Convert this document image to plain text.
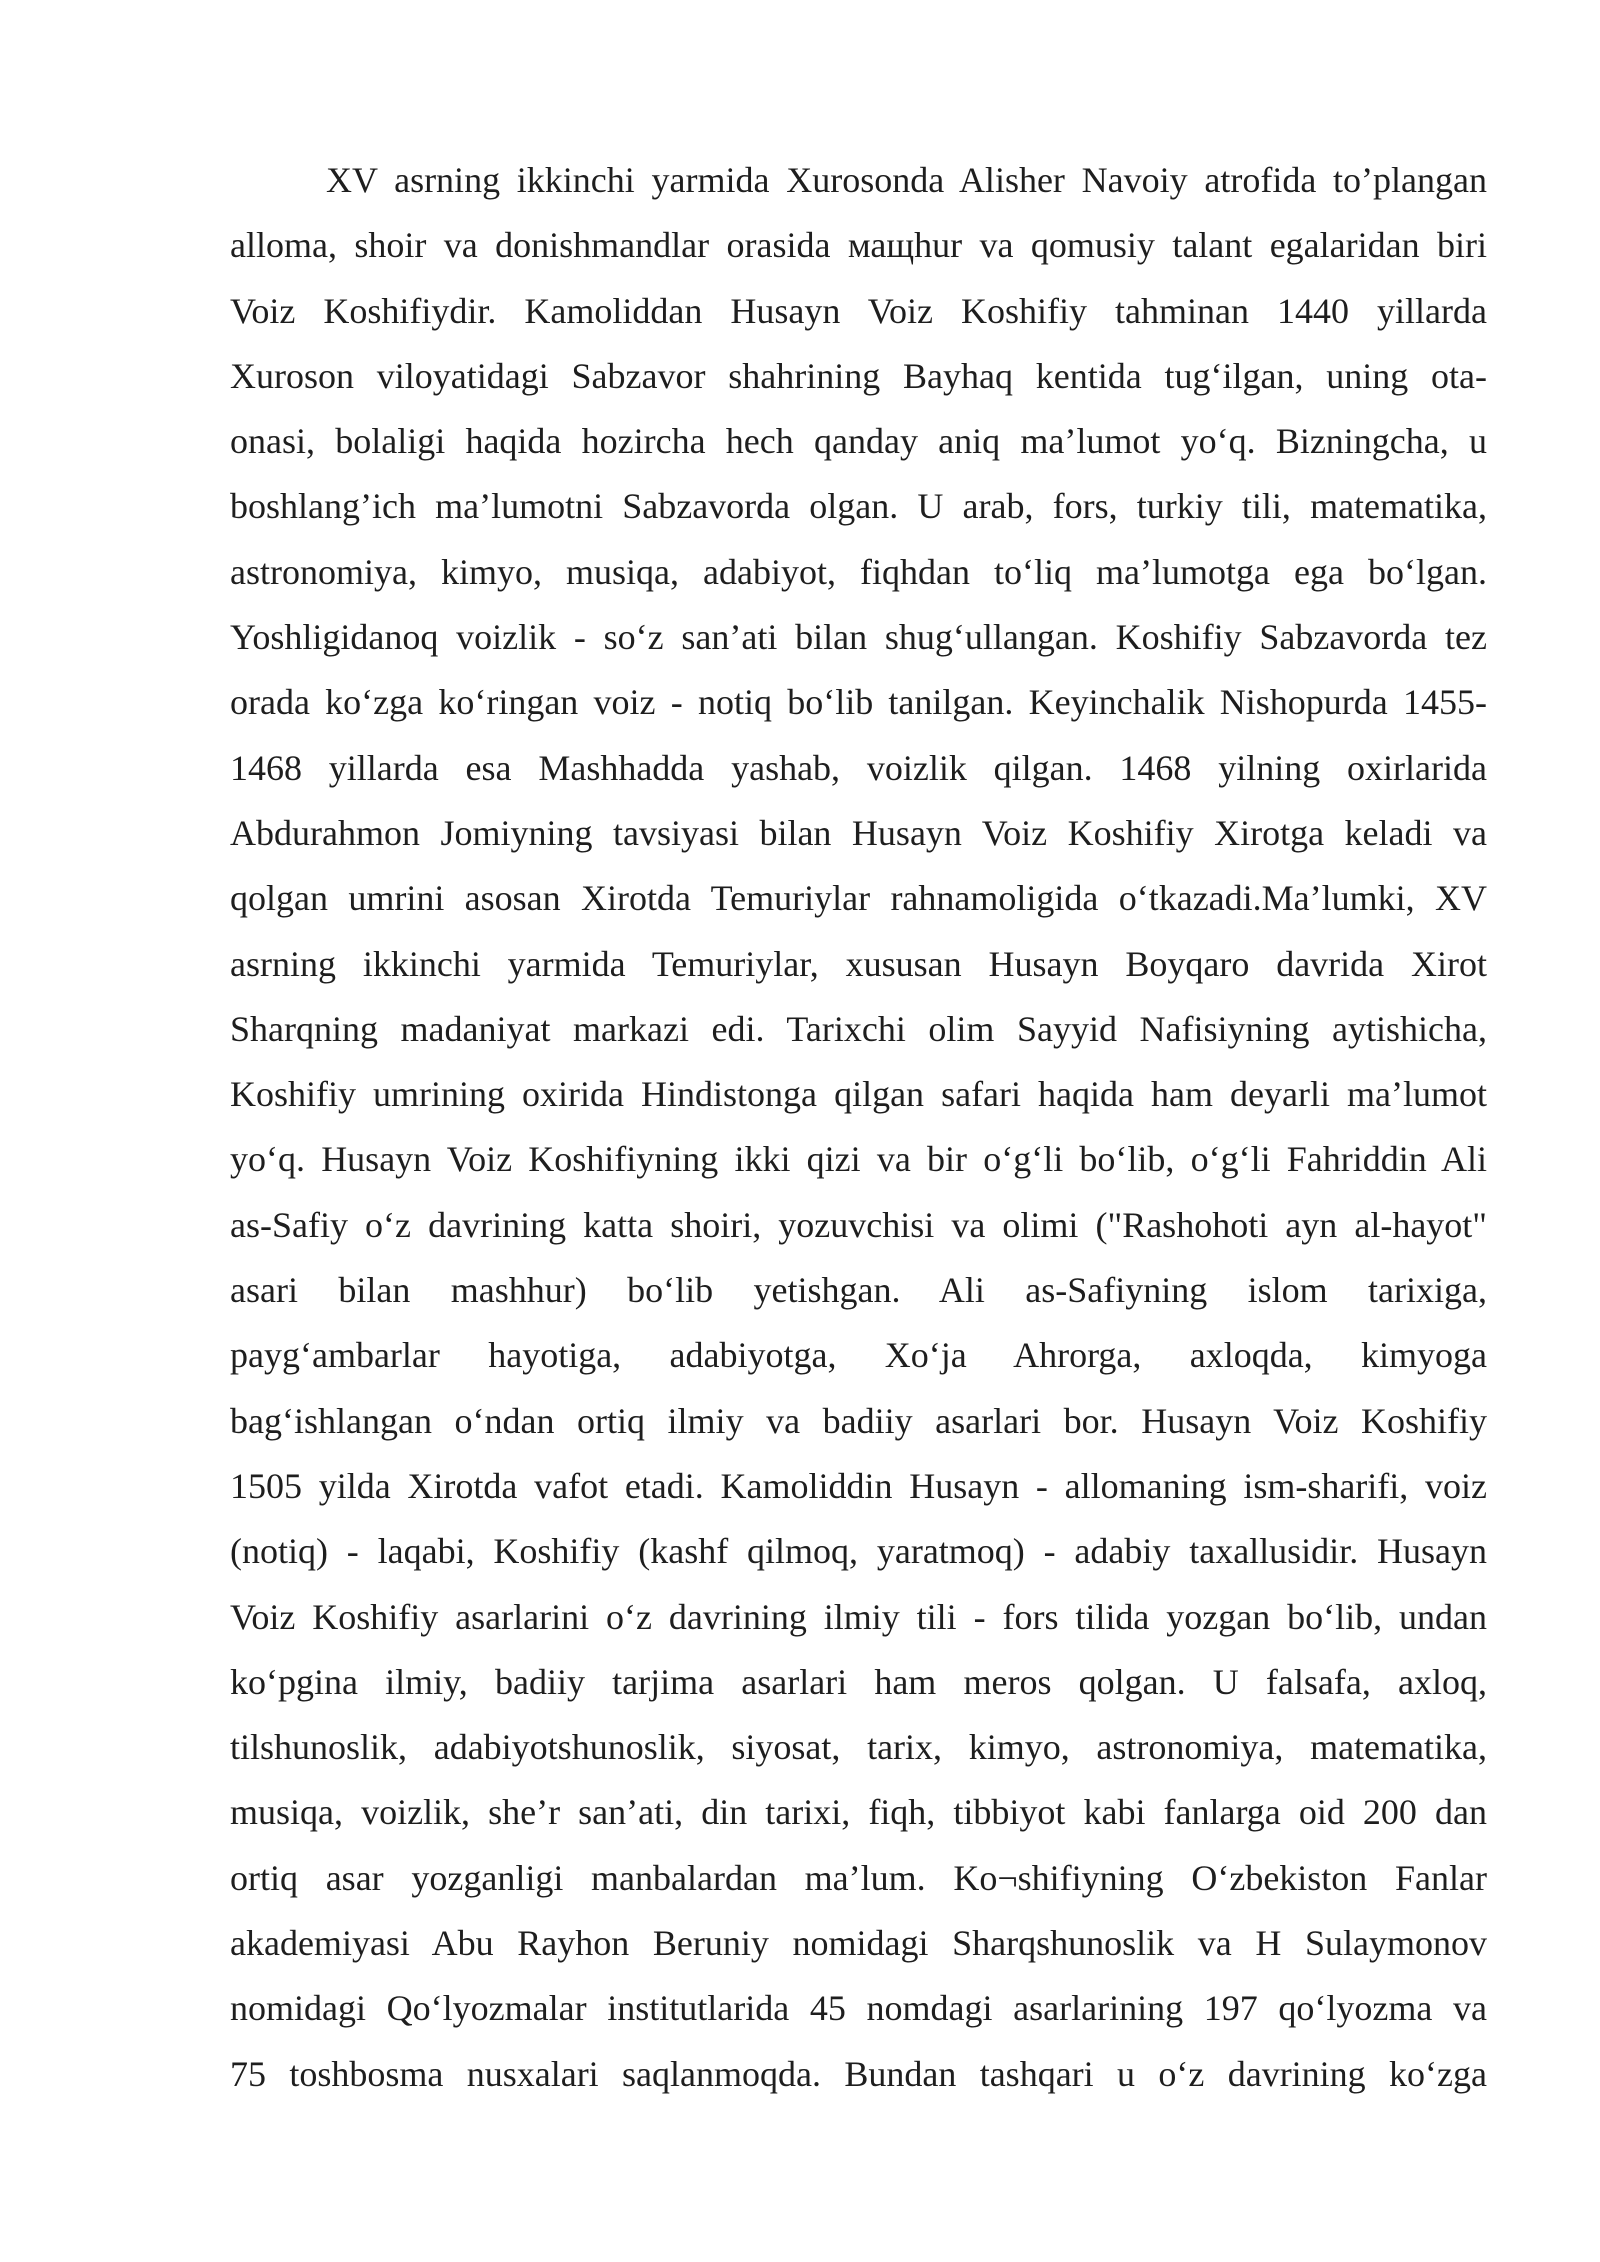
XV asrning ikkinchi yarmida Xurosonda Alisher Navoiy atrofida to’plangan
alloma, shoir va donishmandlar orasida мащhur va qomusiy talant egalaridan biri
Voiz Koshifiydir. Kamoliddan Husayn Voiz Koshifiy tahminan 1440 yillarda
Xuroson viloyatidagi Sabzavor shahrining Bayhaq kentida tugʻilgan, uning ota-
onasi, bolaligi haqida hozircha hech qanday aniq ma’lumot yoʻq. Bizningcha, u
boshlang’ich ma’lumotni Sabzavorda olgan. U arab, fors, turkiy tili, matematika,
astronomiya, kimyo, musiqa, adabiyot, fiqhdan toʻliq ma’lumotga ega boʻlgan.
Yoshligidanoq voizlik - soʻz san’ati bilan shugʻullangan. Koshifiy Sabzavorda tez
orada koʻzga koʻringan voiz - notiq boʻlib tanilgan. Keyinchalik Nishopurda 1455-
1468 yillarda esa Mashhadda yashab, voizlik qilgan. 1468 yilning oxirlarida
Abdurahmon Jomiyning tavsiyasi bilan Husayn Voiz Koshifiy Xirotga keladi va
qolgan umrini asosan Xirotda Temuriylar rahnamoligida oʻtkazadi.Ma’lumki, XV
asrning ikkinchi yarmida Temuriylar, xususan Husayn Boyqaro davrida Xirot
Sharqning madaniyat markazi edi. Tarixchi olim Sayyid Nafisiyning aytishicha,
Koshifiy umrining oxirida Hindistonga qilgan safari haqida ham deyarli ma’lumot
yoʻq. Husayn Voiz Koshifiyning ikki qizi va bir oʻgʻli boʻlib, oʻgʻli Fahriddin Ali
as-Safiy oʻz davrining katta shoiri, yozuvchisi va olimi ("Rashohoti ayn al-hayot"
asari bilan mashhur) boʻlib yetishgan. Ali as-Safiyning islom tarixiga,
paygʻambarlar hayotiga, adabiyotga, Xoʻja Ahrorga, axloqda, kimyoga
bagʻishlangan oʻndan ortiq ilmiy va badiiy asarlari bor. Husayn Voiz Koshifiy
1505 yilda Xirotda vafot etadi. Kamoliddin Husayn - allomaning ism-sharifi, voiz
(notiq) - laqabi, Koshifiy (kashf qilmoq, yaratmoq) - adabiy taxallusidir. Husayn
Voiz Koshifiy asarlarini oʻz davrining ilmiy tili - fors tilida yozgan boʻlib, undan
koʻpgina ilmiy, badiiy tarjima asarlari ham meros qolgan. U falsafa, axloq,
tilshunoslik, adabiyotshunoslik, siyosat, tarix, kimyo, astronomiya, matematika,
musiqa, voizlik, she’r san’ati, din tarixi, fiqh, tibbiyot kabi fanlarga oid 200 dan
ortiq asar yozganligi manbalardan ma’lum. Ko¬shifiyning Oʻzbekiston Fanlar
akademiyasi Abu Rayhon Beruniy nomidagi Sharqshunoslik va H Sulaymonov
nomidagi Qoʻlyozmalar institutlarida 45 nomdagi asarlarining 197 qoʻlyozma va
75 toshbosma nusxalari saqlanmoqda. Bundan tashqari u oʻz davrining koʻzga
